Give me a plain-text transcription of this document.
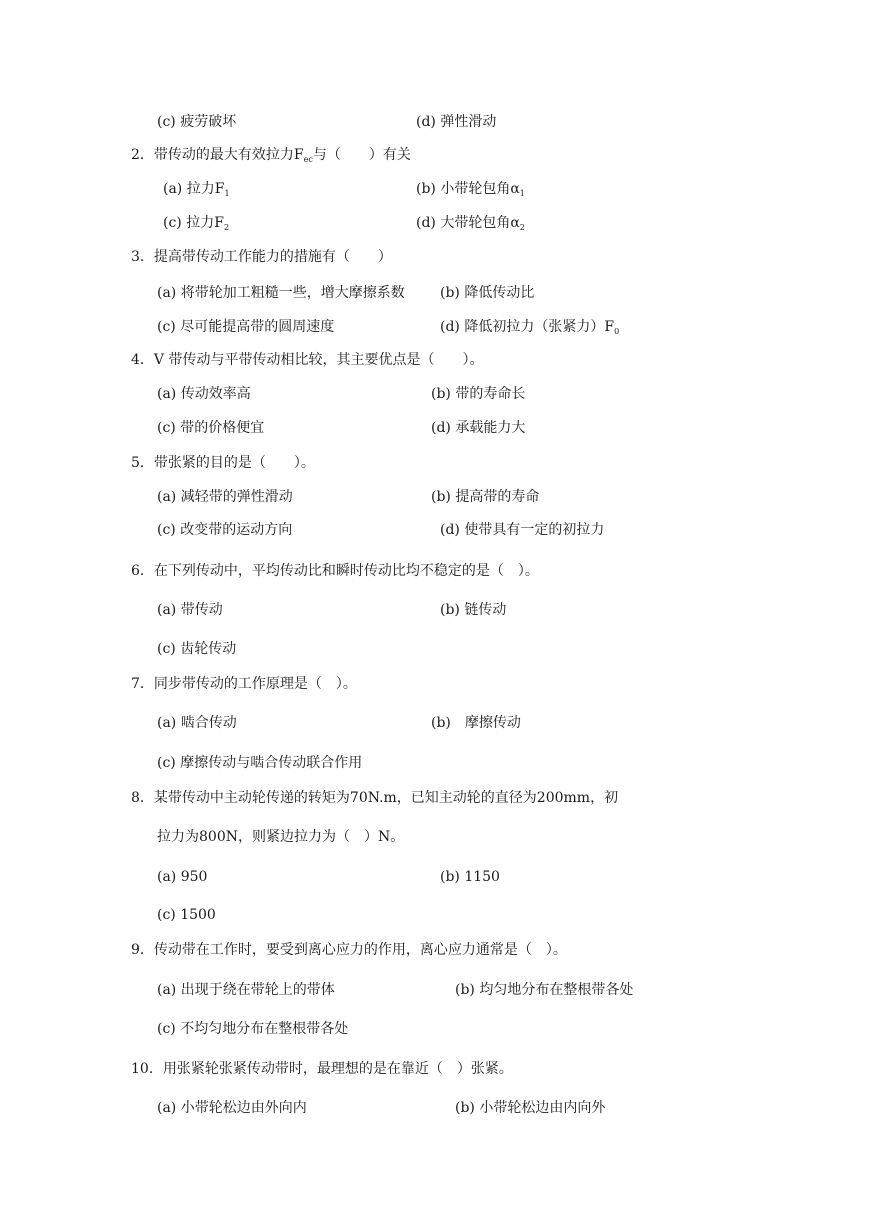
(c) 疲劳破坏	(d) 弹性滑动
2．带传动的最大有效拉力$F_{ec}$与（　　）有关
(a) 拉力$F_1$	(b) 小带轮包角$\alpha_1$
(c) 拉力$F_2$	(d) 大带轮包角$\alpha_2$
3．提高带传动工作能力的措施有（　　）
(a) 将带轮加工粗糙一些，增大摩擦系数	(b) 降低传动比
(c) 尽可能提高带的圆周速度	(d) 降低初拉力（张紧力）$F_0$
4．V 带传动与平带传动相比较，其主要优点是（　　）。
(a) 传动效率高	(b) 带的寿命长
(c) 带的价格便宜	(d) 承载能力大
5．带张紧的目的是（　　）。
(a) 减轻带的弹性滑动	(b) 提高带的寿命
(c) 改变带的运动方向	(d) 使带具有一定的初拉力
6．在下列传动中，平均传动比和瞬时传动比均不稳定的是（　）。
(a) 带传动	(b) 链传动
(c) 齿轮传动
7．同步带传动的工作原理是（　）。
(a) 啮合传动	(b)　摩擦传动
(c) 摩擦传动与啮合传动联合作用
8．某带传动中主动轮传递的转矩为70N.m，已知主动轮的直径为200mm，初
拉力为800N，则紧边拉力为（　）N。
(a) 950	(b) 1150
(c) 1500
9．传动带在工作时，要受到离心应力的作用，离心应力通常是（　）。
(a) 出现于绕在带轮上的带体	(b) 均匀地分布在整根带各处
(c) 不均匀地分布在整根带各处
10．用张紧轮张紧传动带时，最理想的是在靠近（　）张紧。
(a) 小带轮松边由外向内	(b) 小带轮松边由内向外
